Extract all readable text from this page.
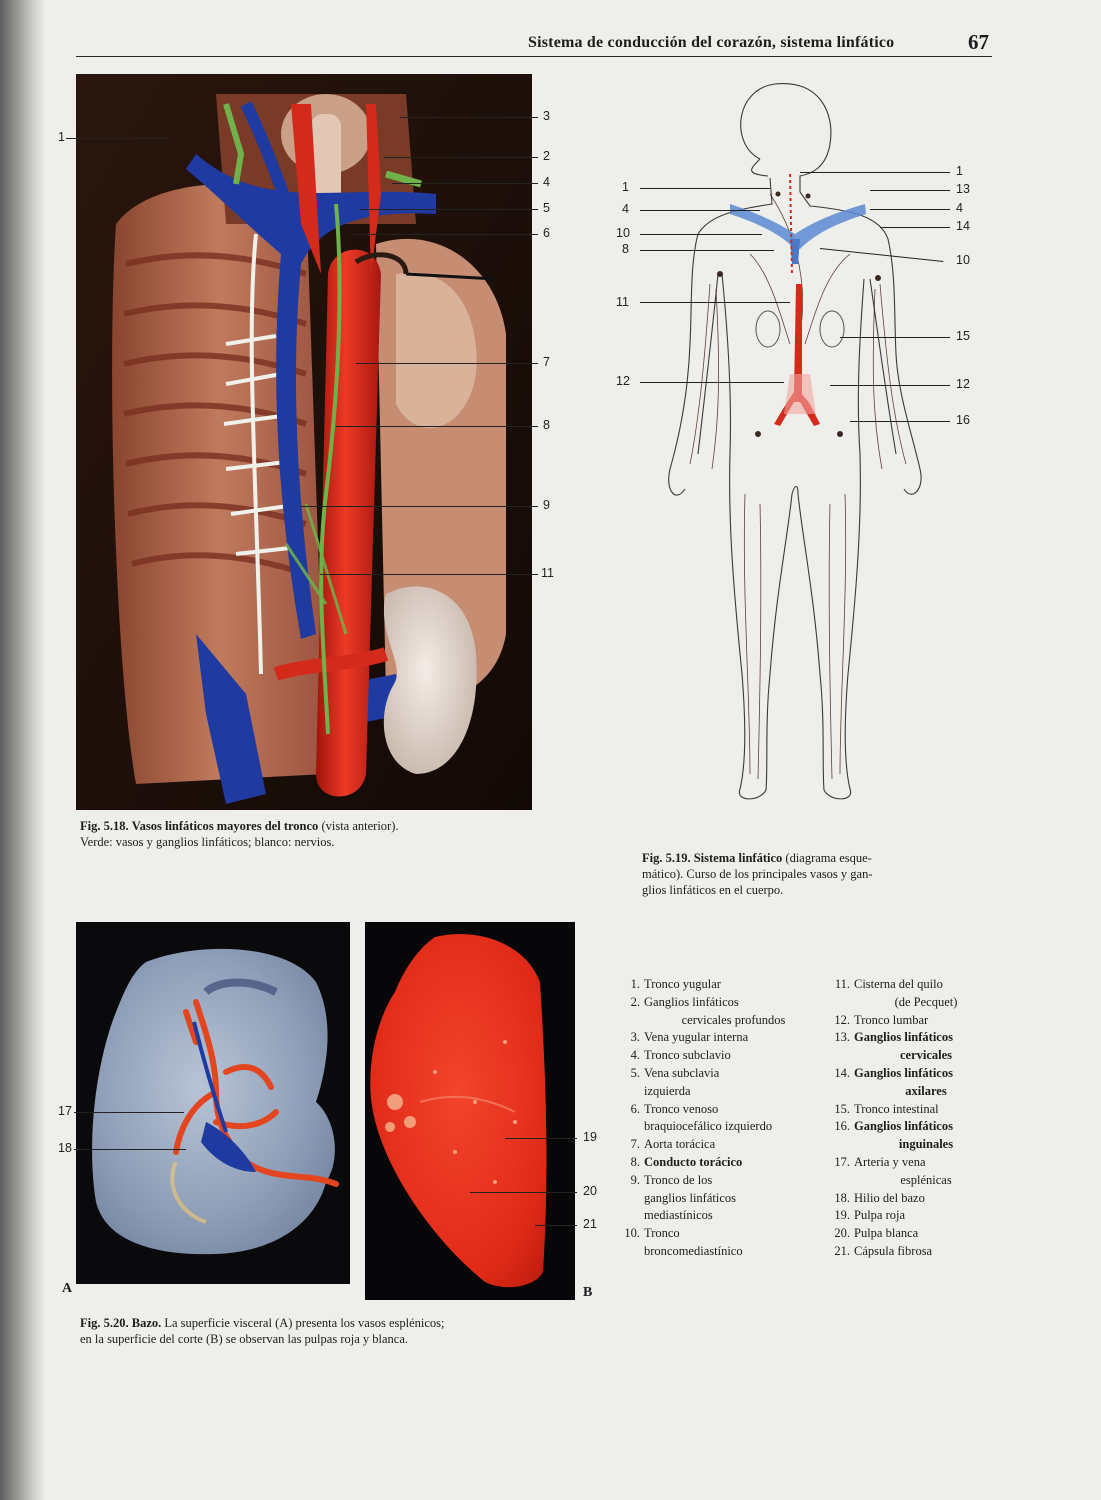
Sistema de conducción del corazón, sistema linfático	67
1
3
2
4
5
6
7
8
9
11
Fig. 5.18. Vasos linfáticos mayores del tronco (vista anterior).
Verde: vasos y ganglios linfáticos; blanco: nervios.
1
4
10
8
11
12
1
13
4
14
10
15
12
16
Fig. 5.19. Sistema linfático (diagrama esque-
mático). Curso de los principales vasos y gan-
glios linfáticos en el cuerpo.
17
18
19
20
21
A	B
Fig. 5.20. Bazo. La superficie visceral (A) presenta los vasos esplénicos;
en la superficie del corte (B) se observan las pulpas roja y blanca.
1. Tronco yugular
2. Ganglios linfáticos
cervicales profundos
3. Vena yugular interna
4. Tronco subclavio
5. Vena subclavia
izquierda
6. Tronco venoso
braquiocefálico izquierdo
7. Aorta torácica
8. Conducto torácico
9. Tronco de los
ganglios linfáticos
mediastínicos
10. Tronco
broncomediastínico
11. Cisterna del quilo
(de Pecquet)
12. Tronco lumbar
13. Ganglios linfáticos
cervicales
14. Ganglios linfáticos
axilares
15. Tronco intestinal
16. Ganglios linfáticos
inguinales
17. Arteria y vena
esplénicas
18. Hilio del bazo
19. Pulpa roja
20. Pulpa blanca
21. Cápsula fibrosa
